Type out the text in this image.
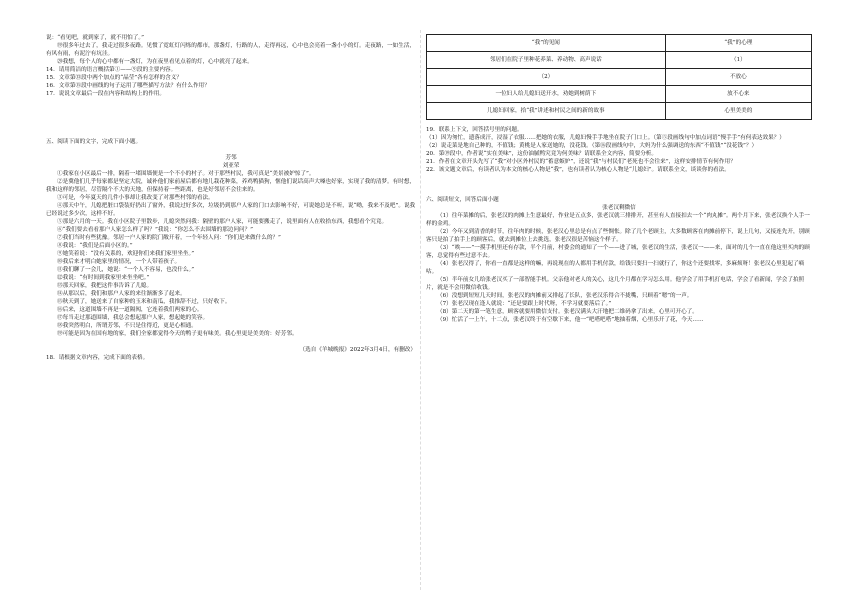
说：“看见吧，就到家了，就不用怕了。”

⑲很多年过去了，我走过很多夜路。见惯了霓虹灯闪烁的都市，那盏灯，行路的人，走得再远，心中也会亮着一盏小小的灯。走夜路，一如生活，有风有雨，有泥泞有坑洼。

⑳我想，每个人的心中都有一盏灯，为在夜里看见点着的灯，心中就亮了起来。

14．请用简洁的语言概括第①——⑨段的主要内容。

15．文章第⑬段中两个加点的“晶莹”各有怎样的含义？

16．文章第⑮段中画线的句子运用了哪些描写方法？有什么作用？

17．说说文章最后一段在内容和结构上的作用。

五、阅读下面的文字，完成下面小题。

芳邻

刘亚荣

①我家在小区最后一排，隔着一堵围墙便是一个不小的村子。对于那些村民，我可真是“美景被妒惊了”。

②是冀他们几乎每家都是坚定大院，诚补他们家前屋后都有地儿栽花种菜，养鸡鸭猫狗，惬他们说话高声大嗓也好家，实现了我的清梦。有时想，我和这样的邻居，尽管隔个不大的天地，但保持着一些距离，也是好邻居不会往来的。

③可是，今年夏天的几件小事却让我改变了对那些村邻的看法。

④那天中午，儿媳把脏口袋装好扔出了窗外，我说过好多次，垃圾扔到那户人家的门口去影响不好，可说她总是不听，说“呦，我来不及吧”。说我已经说过多少次，这样不好。

⑤那是六月的一天。我在小区院子里散步，儿媳突然问我：隔壁的那户人家，可能要搬走了，说里面有人在收拾东西，我想看个究竟。

⑥“我们要去看看那户人家怎么样了吗？”我说：“你怎么不去围墙的那边问问？”

⑦我们当时有些犹豫。邻居一户人家的院门敞开着，一个年轻人问：“你们是来做什么的？”

⑧我说：“我们是后面小区的。”

⑨她笑着说：“没有关系的，欢迎你们来我们家里坐坐。”

⑩我后来才明白她家里的情况，一个人带着孩子。

⑪我们聊了一会儿，她说：“一个人不容易，也没什么。”

⑫我说：“有时间到我家里来坐坐吧。”

⑬那天回家，我把这件事告诉了儿媳。

⑭从那以后，我们和那户人家的来往渐渐多了起来。

⑮秋天到了，她送来了自家种的玉米和南瓜，我推辞不过，只好收下。

⑯后来，这道围墙不再是一道隔阂，它连着我们两家的心。

⑰每当走过那道围墙，我总会想起那户人家，想起她的笑容。

⑱我突然明白，所谓芳邻，不只是住得近，更是心相通。

⑲可能是因为在国有地的家，我们全家都觉得今天的鸭子更有味美。我心里更是美美的：好芳邻。

（选自《羊城晚报》2022年3月4日，有删改）

18．请根据文章内容，完成下面的表格。

“我”的见闻	“我”的心理
邻居们在院子里种花养菜、养动物、高声说话	（1）
（2）	不放心
一位妇人给儿媳妇送开水，劝她到树荫下	放不心来
儿媳妇回家，拾“我”讲述和村民之间的新的故事	心里美美的

19．联系上下文，回答括号里的问题。

（1）因为匆忙，遗落成汗，浸湿了衣服……把她的衣服，儿媳妇慢手手地坐在院子门口上。（第⑤段画线句中加点词语“慢手手”有何表达效果？）

（2）说走菜是地自己种的，不值钱；黄桃是人家送她的，没花钱。（第⑯段画线句中，大妈为什么强调送的东西“不值钱”“没花钱”？）

20．第⑲段中，作者说“实在美味”，这份油腻鸭究竟为何美味？请联系全文内容，简要分析。

21．作者在文章开头先写了“我”对小区外村民的“蓄意嫉妒”，还说“我”与村民们“老死也不会往来”，这样安排情节有何作用？

22．该文题文章后，有读者认为本文的核心人物是“我”，也有读者认为核心人物是“儿媳妇”。请联系全文，谈谈你的看法。

六、阅读短文，回答后面小题

张老汉剩微信

（1）往年菜摊的后，张老汉的肉摊上生意最好，作业是五点多，张老汉就三排排开，甚至有人直接扣去一个“肉丸摊”。两个月下来，张老汉换个人手一样的金鸡。

（2）今年又到清香的时节，往年肉的时候，张老汉心里总是有点了些惆怅。除了几个老顾主，大多数顾客在肉摊前停下，说上几句，又接连先开，别顾客只是拍了拍手上的顾客后，就去到摊位上去挑选，张老汉很是苦恼这个样子。

（3）“唉——”一摸手机里还有存款，半个月前，村委会的通知了一个——进了城，张老汉的生活，张老汉一——来，面对的几个一直在他这里买肉的顾客，总觉得有些过意不去。

（4）张老汉得了，你看一直都是这样的嘛，再说现在的人都用手机付款，给钱只要扫一扫就行了，你这个还要找零，多麻烦呀！张老汉心里犯起了嘀咕。

（5）半年前女儿给张老汉买了一部智能手机。父亲他对老人的关心，这几个月都在学习怎么用。他学会了用手机打电话，学会了看新闻，学会了拍照片，就是不会用微信收钱。

（6）没想到短短几天时间，张老汉的肉摊前又排起了长队，张老汉乐得合不拢嘴，只顾着“嗯”的一声。

（7）张老汉现在逢人就说：“还是要跟上时代呀，不学习就要落后了。”

（8）第二天的第一笔生意，顾客就要用微信支付。张老汉满头大汗地把二维码拿了出来，心里可开心了。

（9）忙活了一上午，十二点，张老汉终于有空歇下来，他一“吧嗒吧嗒”地抽着烟，心里乐开了花，今天……
